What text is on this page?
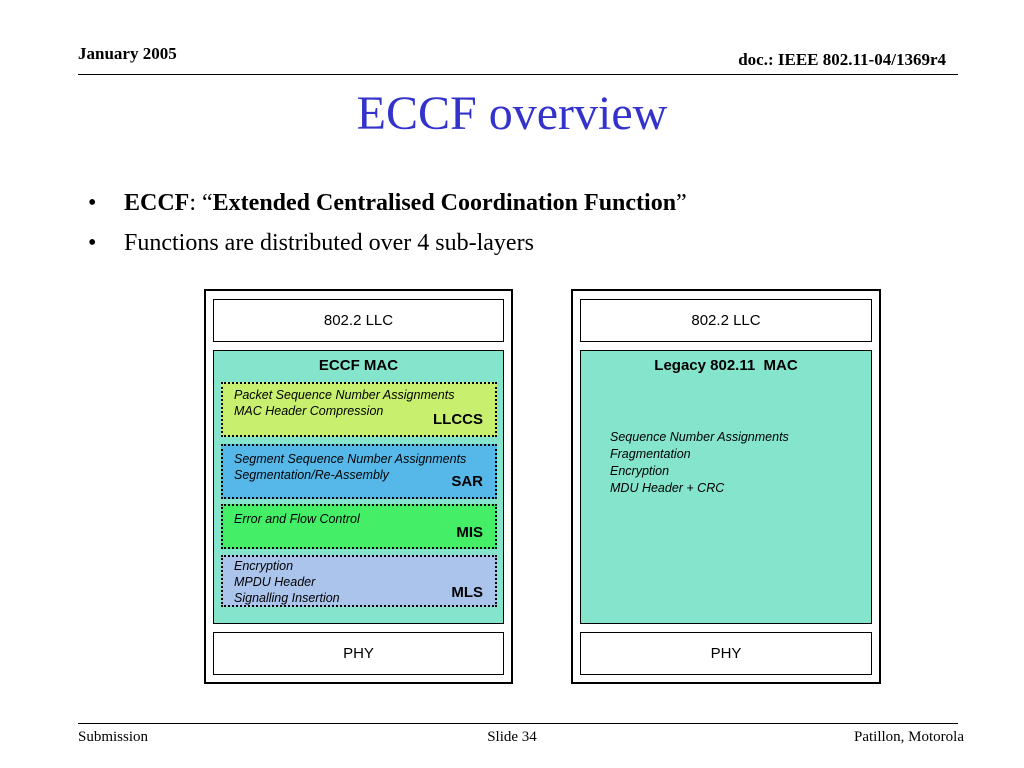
January 2005	doc.: IEEE 802.11-04/1369r4
ECCF overview
• ECCF: “Extended Centralised Coordination Function”
• Functions are distributed over 4 sub-layers
802.2 LLC
ECCF MAC
Packet Sequence Number Assignments
MAC Header Compression	LLCCS
Segment Sequence Number Assignments
Segmentation/Re-Assembly	SAR
Error and Flow Control
MIS
Encryption
MPDU Header
Signalling Insertion	MLS
PHY
802.2 LLC
Legacy 802.11  MAC
Sequence Number Assignments
Fragmentation
Encryption
MDU Header + CRC
PHY
Submission	Slide 34	Patillon, Motorola
